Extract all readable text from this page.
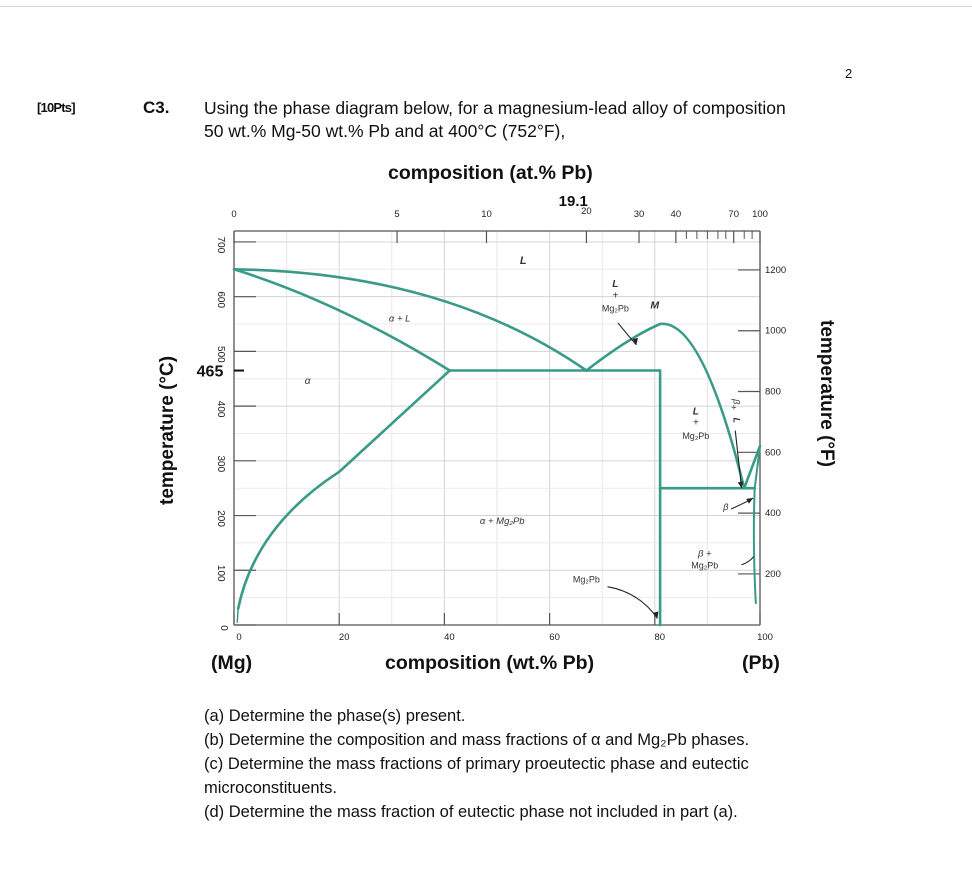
2
[10Pts]	C3. Using the phase diagram below, for a magnesium-lead alloy of composition
50 wt.% Mg-50 wt.% Pb and at 400°C (752°F),
composition (at.% Pb)
composition (wt.% Pb)
(Mg)	(Pb)
temperature (°C)	temperature (°F)
0
100
200
300
400
500
600
700
465
200
400
600
800
1000
1200
0	20	40	60	80	100
0	5	10	20	30	40	70 100
19.1
L
α + L
α
L
+
Mg₂Pb M
α + Mg₂Pb
L
+
Mg₂Pb
β
+
L
β
β +
Mg₂Pb
Mg₂Pb
(a) Determine the phase(s) present.
(b) Determine the composition and mass fractions of α and Mg₂Pb phases.
(c) Determine the mass fractions of primary proeutectic phase and eutectic
microconstituents.
(d) Determine the mass fraction of eutectic phase not included in part (a).
